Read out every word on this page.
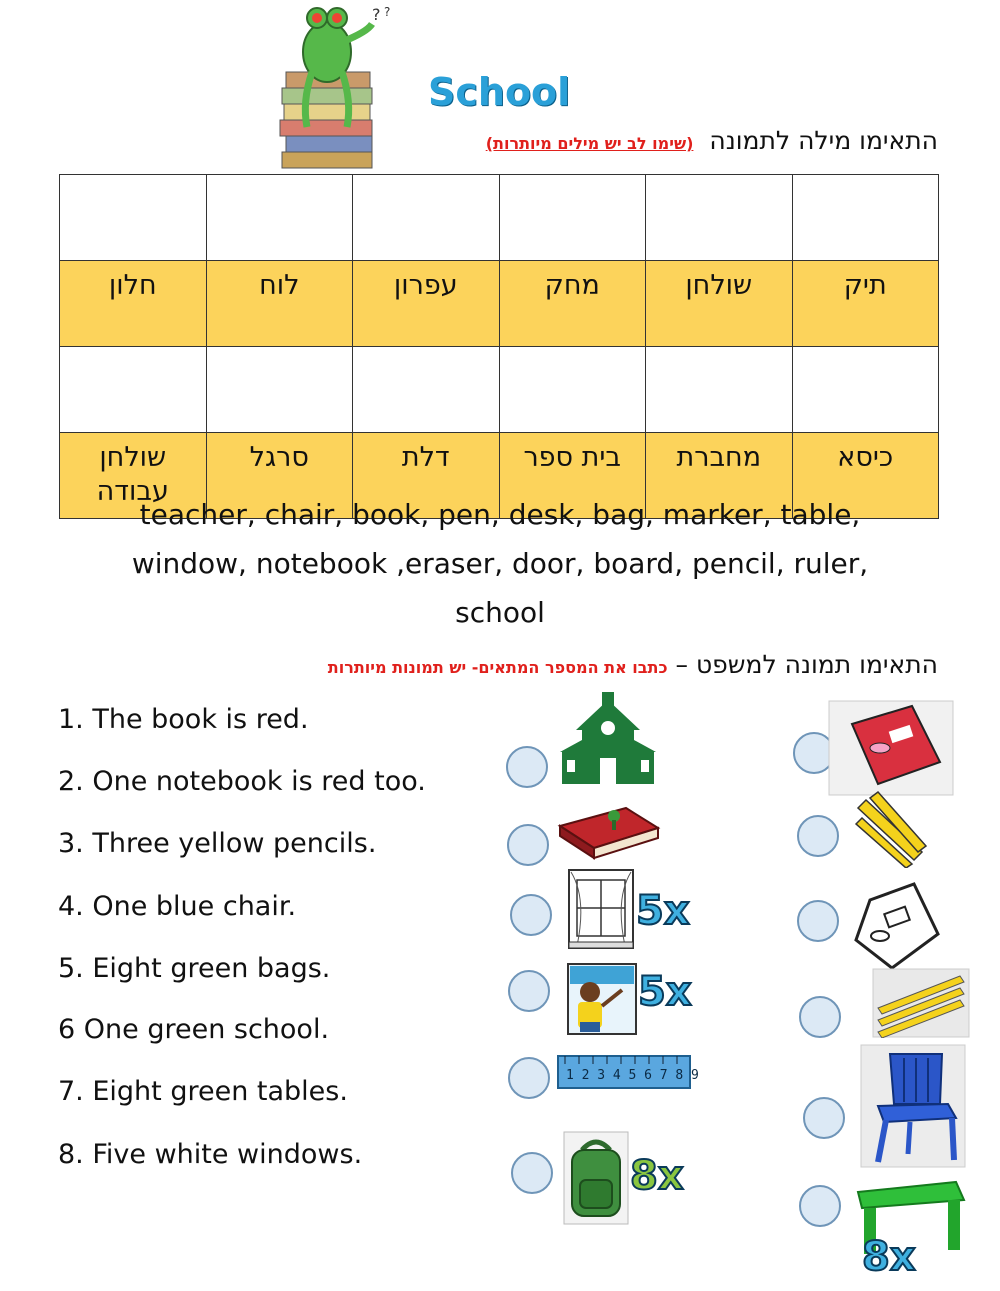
? ?
School
התאימו מילה לתמונה (שימו לב יש מילים מיותרות)

תיק	שולחן	מחק	עפרון	לוח	חלון

כיסא	מחברת	בית ספר	דלת	סרגל	שולחן עבודה
teacher, chair, book, pen, desk, bag, marker, table,
window, notebook ,eraser, door, board, pencil, ruler,
school
התאימו תמונה למשפט – כתבו את המספר המתאים- יש תמונות מיותרות
1. The book is red.
2. One notebook is red too.
3. Three yellow pencils.
4. One blue chair.
5. Eight green bags.
6 One green school.
7. Eight green tables.
8. Five white windows.
5x
5x
123456789
8x
8x
